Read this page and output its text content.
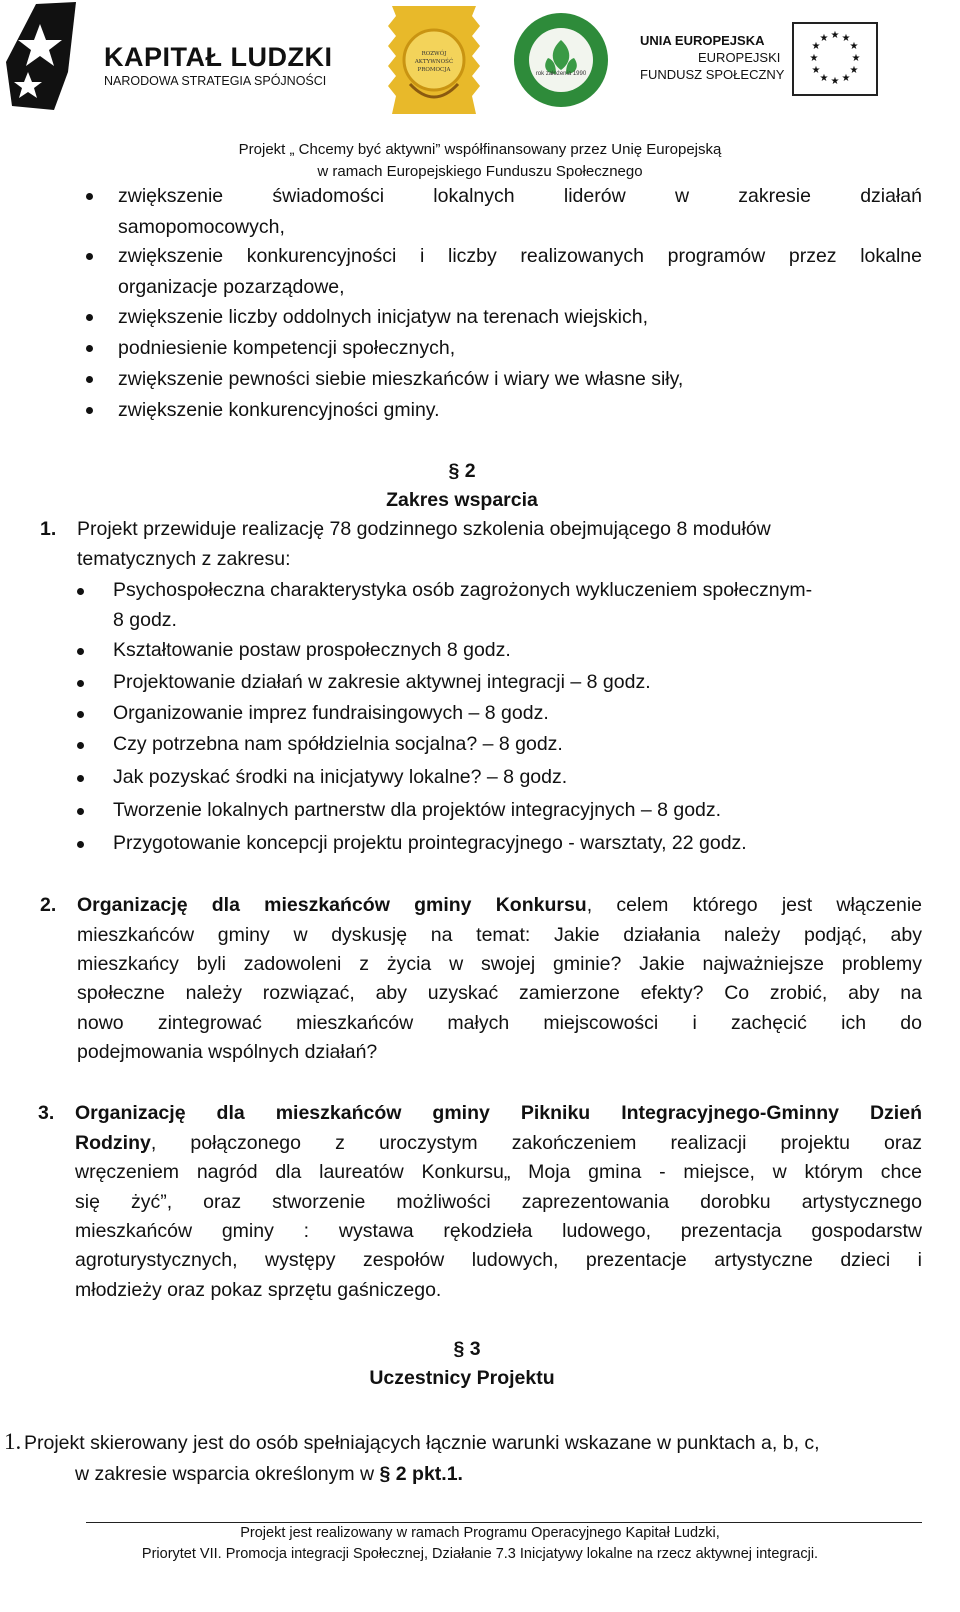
KAPITAŁ LUDZKI
NARODOWA STRATEGIA SPÓJNOŚCI
ROZWÓJ AKTYWNOŚĆ PROMOCJA
rok założenia 1990
UNIA EUROPEJSKA
EUROPEJSKI
FUNDUSZ SPOŁECZNY
★ ★
★
★
★
★
★
★
★
★
★
★
Projekt „ Chcemy być aktywni” współfinansowany przez Unię Europejską
w ramach Europejskiego Funduszu Społecznego
zwiększenie świadomości lokalnych liderów w zakresie działań
samopomocowych,
zwiększenie konkurencyjności i liczby realizowanych programów przez lokalne
organizacje pozarządowe,
zwiększenie liczby oddolnych inicjatyw na terenach wiejskich,
podniesienie kompetencji społecznych,
zwiększenie pewności siebie mieszkańców i wiary we własne siły,
zwiększenie konkurencyjności gminy.
§ 2
Zakres wsparcia
1. Projekt przewiduje realizację 78 godzinnego szkolenia obejmującego 8 modułów
tematycznych z zakresu:
Psychospołeczna charakterystyka osób zagrożonych wykluczeniem społecznym-
8 godz.
Kształtowanie postaw prospołecznych 8 godz.
Projektowanie działań w zakresie aktywnej integracji – 8 godz.
Organizowanie imprez fundraisingowych – 8 godz.
Czy potrzebna nam spółdzielnia socjalna? – 8 godz.
Jak pozyskać środki na inicjatywy lokalne? – 8 godz.
Tworzenie lokalnych partnerstw dla projektów integracyjnych – 8 godz.
Przygotowanie koncepcji projektu prointegracyjnego - warsztaty, 22 godz.
2. Organizację dla mieszkańców gminy Konkursu, celem którego jest włączenie
mieszkańców gminy w dyskusję na temat: Jakie działania należy podjąć, aby
mieszkańcy byli zadowoleni z życia w swojej gminie? Jakie najważniejsze problemy
społeczne należy rozwiązać, aby uzyskać zamierzone efekty? Co zrobić, aby na
nowo zintegrować mieszkańców małych miejscowości i zachęcić ich do
podejmowania wspólnych działań?
3. Organizację dla mieszkańców gminy Pikniku Integracyjnego-Gminny Dzień
Rodziny, połączonego z uroczystym zakończeniem realizacji projektu oraz
wręczeniem nagród dla laureatów Konkursu„ Moja gmina - miejsce, w którym chce
się żyć”, oraz stworzenie możliwości zaprezentowania dorobku artystycznego
mieszkańców gminy : wystawa rękodzieła ludowego, prezentacja gospodarstw
agroturystycznych, występy zespołów ludowych, prezentacje artystyczne dzieci i
młodzieży oraz pokaz sprzętu gaśniczego.
§ 3
Uczestnicy Projektu
1. Projekt skierowany jest do osób spełniających łącznie warunki wskazane w punktach a, b, c,
w zakresie wsparcia określonym w § 2 pkt.1.
Projekt jest realizowany w ramach Programu Operacyjnego Kapitał Ludzki,
Priorytet VII. Promocja integracji Społecznej, Działanie 7.3 Inicjatywy lokalne na rzecz aktywnej integracji.
